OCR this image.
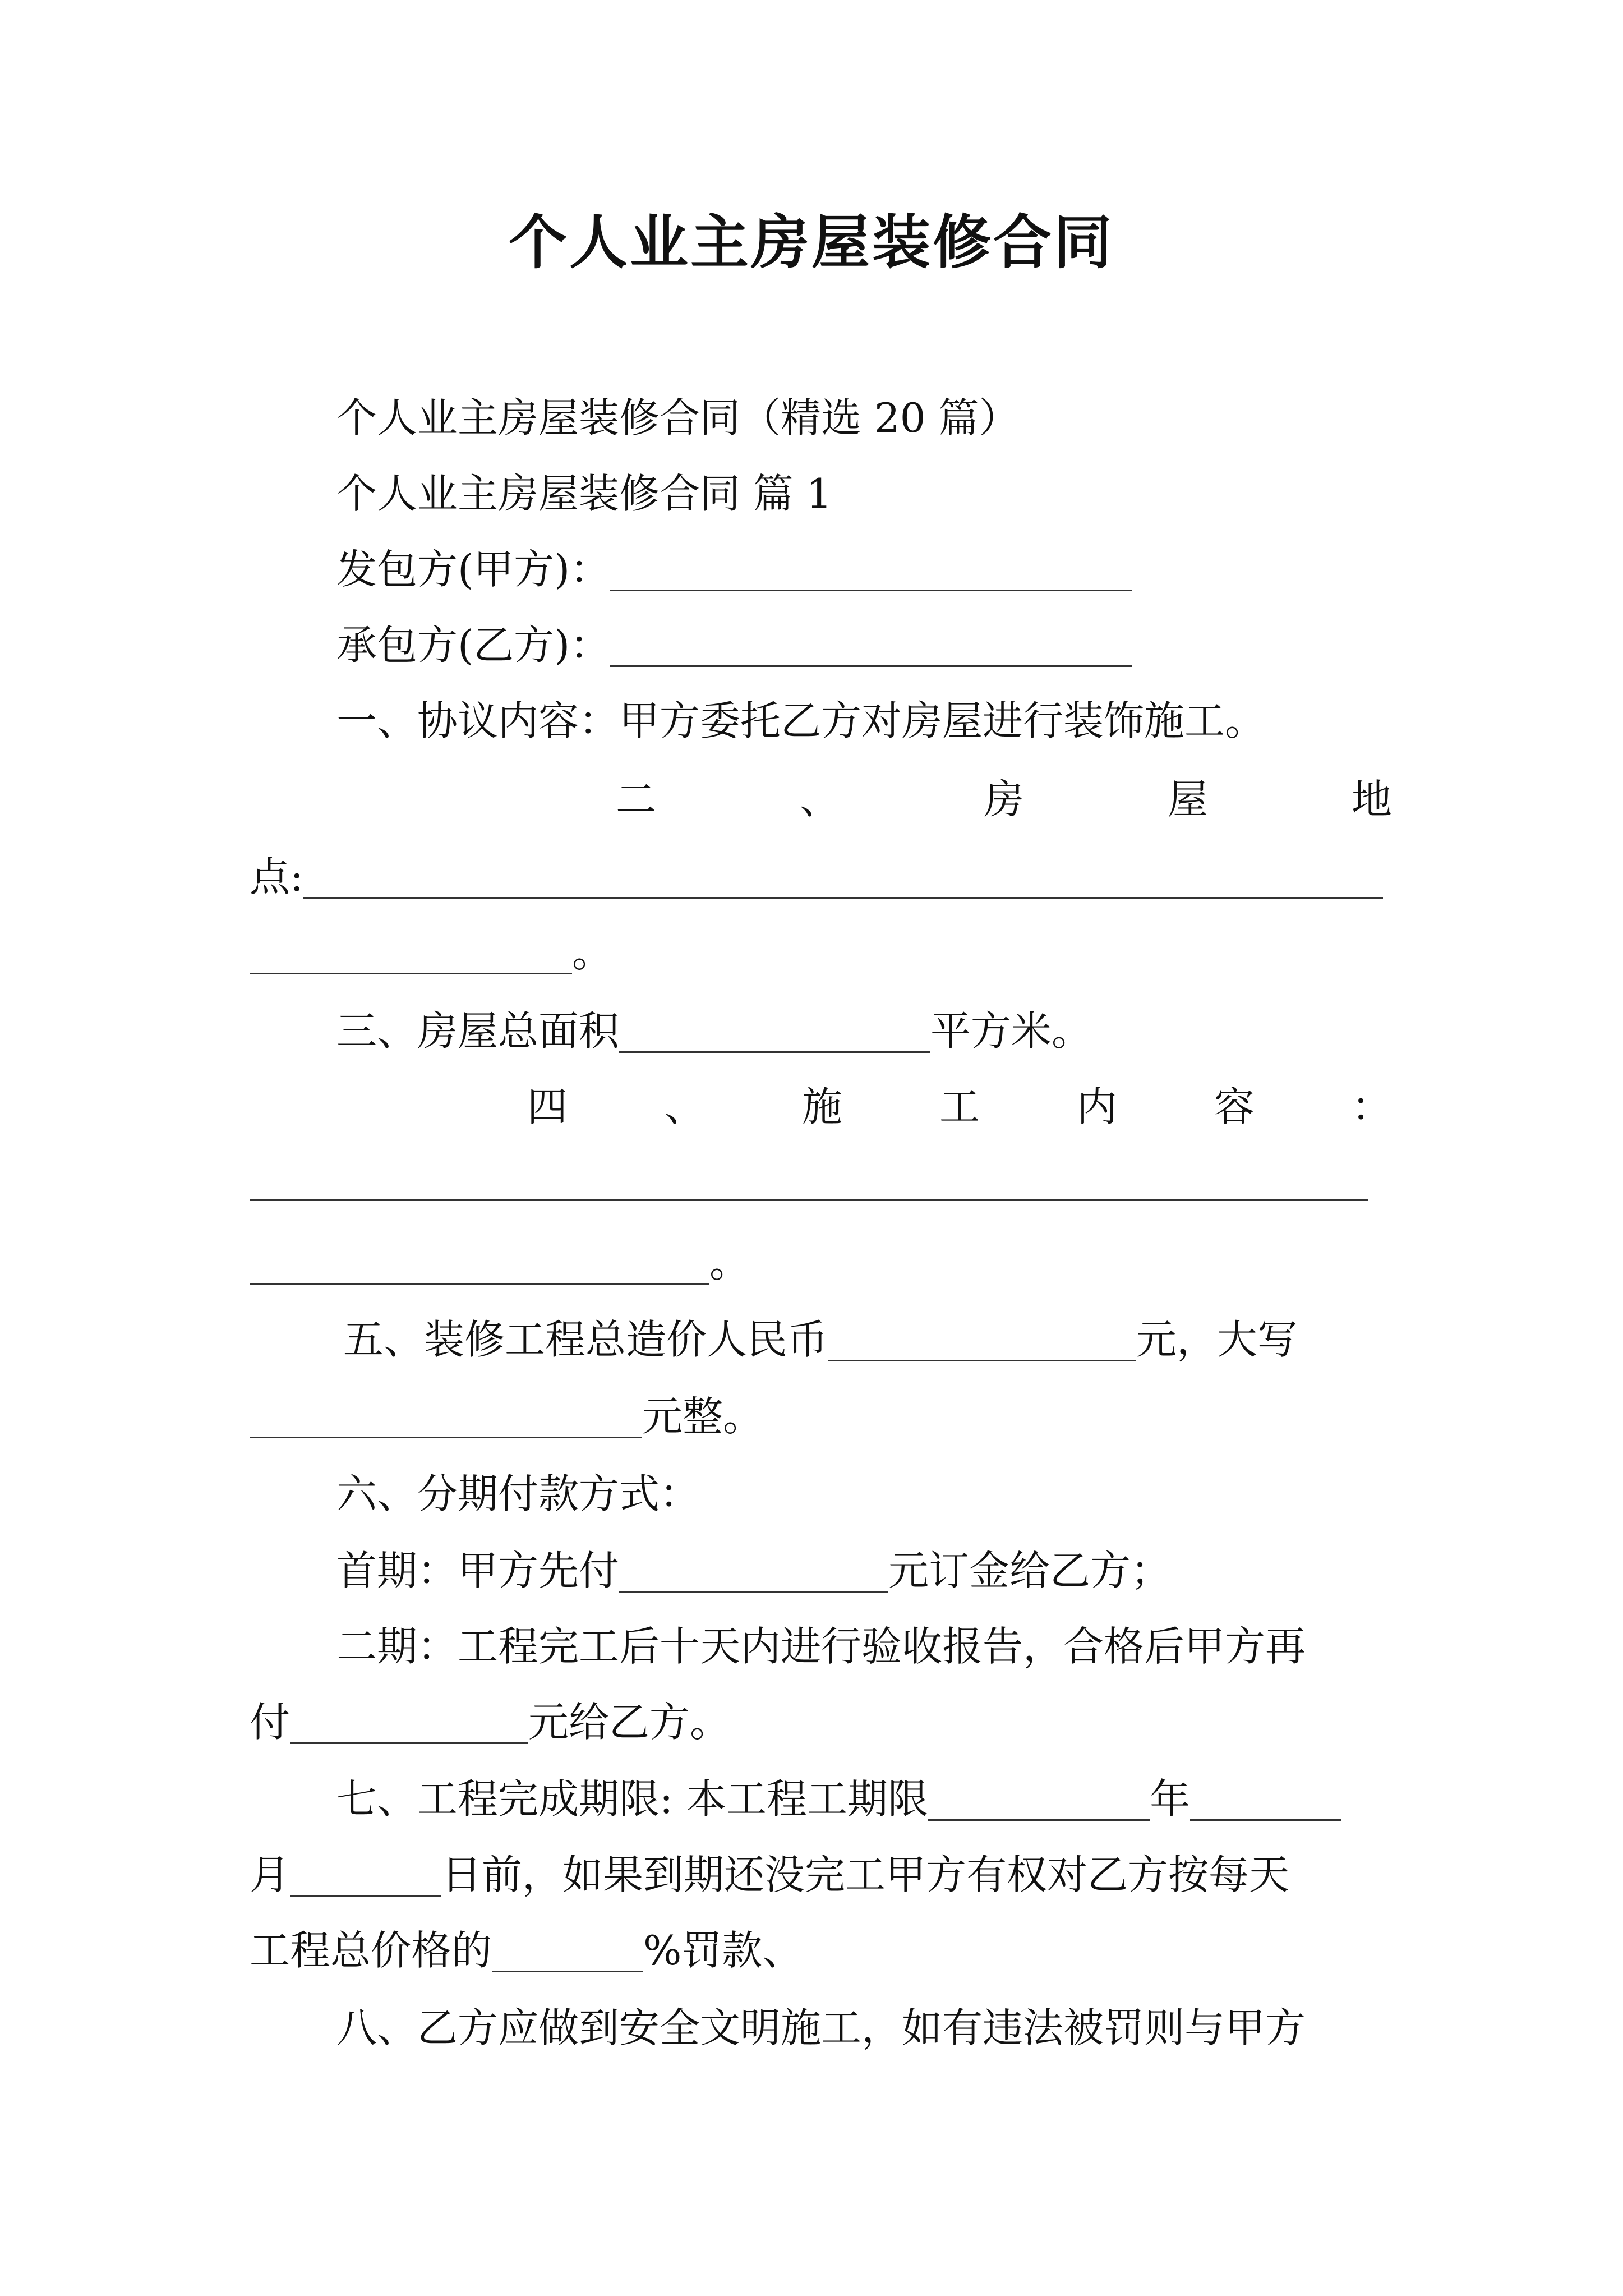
个人业主房屋装修合同
个人业主房屋装修合同（精选 20 篇）
个人业主房屋装修合同 篇 1
发包方(甲方)：
承包方(乙方)：
一、协议内容：甲方委托乙方对房屋进行装饰施工。
二	、	房	屋	地
点:
。
三、房屋总面积	平方米。
四 、 施 工 内 容 ：
。
五、装修工程总造价人民币	元，大写
元整。
六、分期付款方式：
首期：甲方先付	元订金给乙方；
二期：工程完工后十天内进行验收报告，合格后甲方再
付	元给乙方。
七、工程完成期限: 本工程工期限	年
月	日前，如果到期还没完工甲方有权对乙方按每天
工程总价格的	%罚款、
八、乙方应做到安全文明施工，如有违法被罚则与甲方
